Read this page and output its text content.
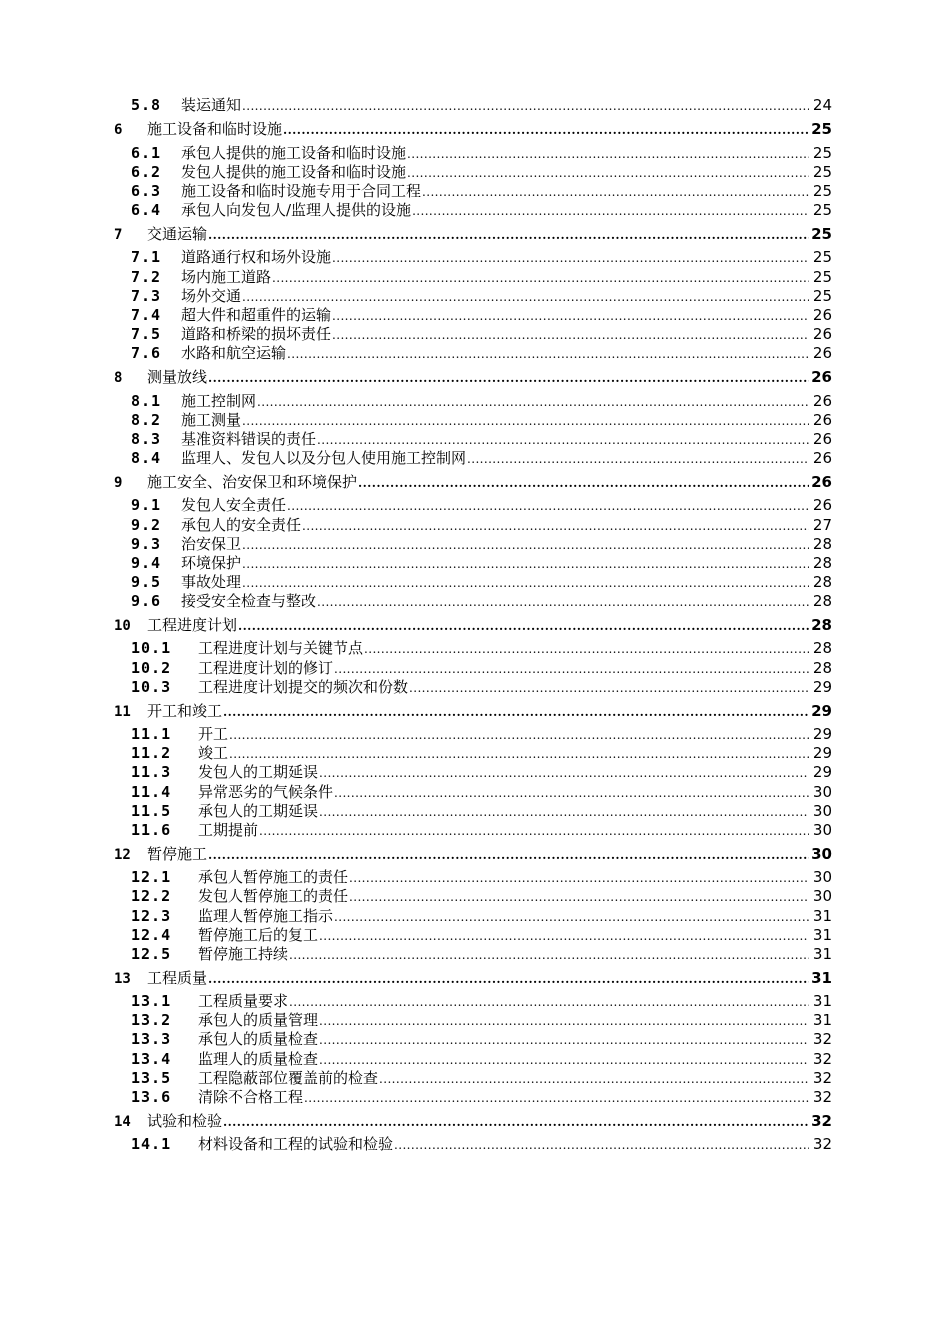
5.8	装运通知 .....	24
6	施工设备和临时设施 .....	25
6.1	承包人提供的施工设备和临时设施 .....	25
6.2	发包人提供的施工设备和临时设施 .....	25
6.3	施工设备和临时设施专用于合同工程 .....	25
6.4	承包人向发包人/监理人提供的设施 .....	25
7	交通运输 .....	25
7.1	道路通行权和场外设施 .....	25
7.2	场内施工道路 .....	25
7.3	场外交通 .....	25
7.4	超大件和超重件的运输 .....	26
7.5	道路和桥梁的损坏责任 .....	26
7.6	水路和航空运输 .....	26
8	测量放线 .....	26
8.1	施工控制网 .....	26
8.2	施工测量 .....	26
8.3	基准资料错误的责任 .....	26
8.4	监理人、发包人以及分包人使用施工控制网 .....	26
9	施工安全、治安保卫和环境保护 .....	26
9.1	发包人安全责任 .....	26
9.2	承包人的安全责任 .....	27
9.3	治安保卫 .....	28
9.4	环境保护 .....	28
9.5	事故处理 .....	28
9.6	接受安全检查与整改 .....	28
10	工程进度计划 .....	28
10.1	工程进度计划与关键节点 .....	28
10.2	工程进度计划的修订 .....	28
10.3	工程进度计划提交的频次和份数 .....	29
11	开工和竣工 .....	29
11.1	开工 .....	29
11.2	竣工 .....	29
11.3	发包人的工期延误 .....	29
11.4	异常恶劣的气候条件 .....	30
11.5	承包人的工期延误 .....	30
11.6	工期提前 .....	30
12	暂停施工 .....	30
12.1	承包人暂停施工的责任 .....	30
12.2	发包人暂停施工的责任 .....	30
12.3	监理人暂停施工指示 .....	31
12.4	暂停施工后的复工 .....	31
12.5	暂停施工持续 .....	31
13	工程质量 .....	31
13.1	工程质量要求 .....	31
13.2	承包人的质量管理 .....	31
13.3	承包人的质量检查 .....	32
13.4	监理人的质量检查 .....	32
13.5	工程隐蔽部位覆盖前的检查 .....	32
13.6	清除不合格工程 .....	32
14	试验和检验 .....	32
14.1	材料设备和工程的试验和检验 .....	32
